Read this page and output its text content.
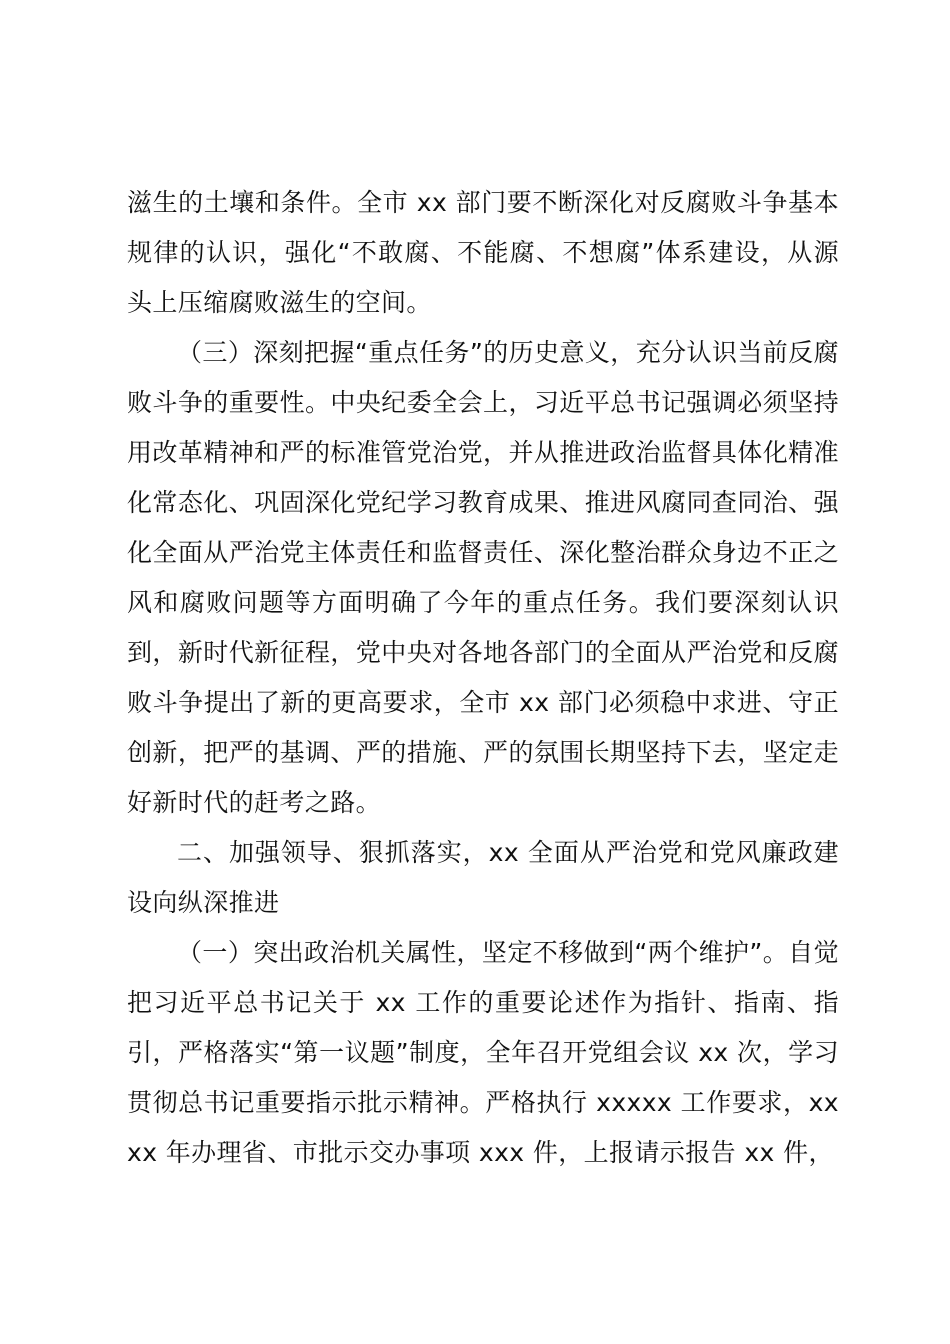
滋生的土壤和条件。全市 xx 部门要不断深化对反腐败斗争基本规律的认识，强化“不敢腐、不能腐、不想腐”体系建设，从源头上压缩腐败滋生的空间。

（三）深刻把握“重点任务”的历史意义，充分认识当前反腐败斗争的重要性。中央纪委全会上，习近平总书记强调必须坚持用改革精神和严的标准管党治党，并从推进政治监督具体化精准化常态化、巩固深化党纪学习教育成果、推进风腐同查同治、强化全面从严治党主体责任和监督责任、深化整治群众身边不正之风和腐败问题等方面明确了今年的重点任务。我们要深刻认识到，新时代新征程，党中央对各地各部门的全面从严治党和反腐败斗争提出了新的更高要求，全市 xx 部门必须稳中求进、守正创新，把严的基调、严的措施、严的氛围长期坚持下去，坚定走好新时代的赶考之路。

二、加强领导、狠抓落实，xx 全面从严治党和党风廉政建设向纵深推进

（一）突出政治机关属性，坚定不移做到“两个维护”。自觉把习近平总书记关于 xx 工作的重要论述作为指针、指南、指引，严格落实“第一议题”制度，全年召开党组会议 xx 次，学习贯彻总书记重要指示批示精神。严格执行 xxxxx 工作要求，xxxx 年办理省、市批示交办事项 xxx 件，上报请示报告 xx 件，
